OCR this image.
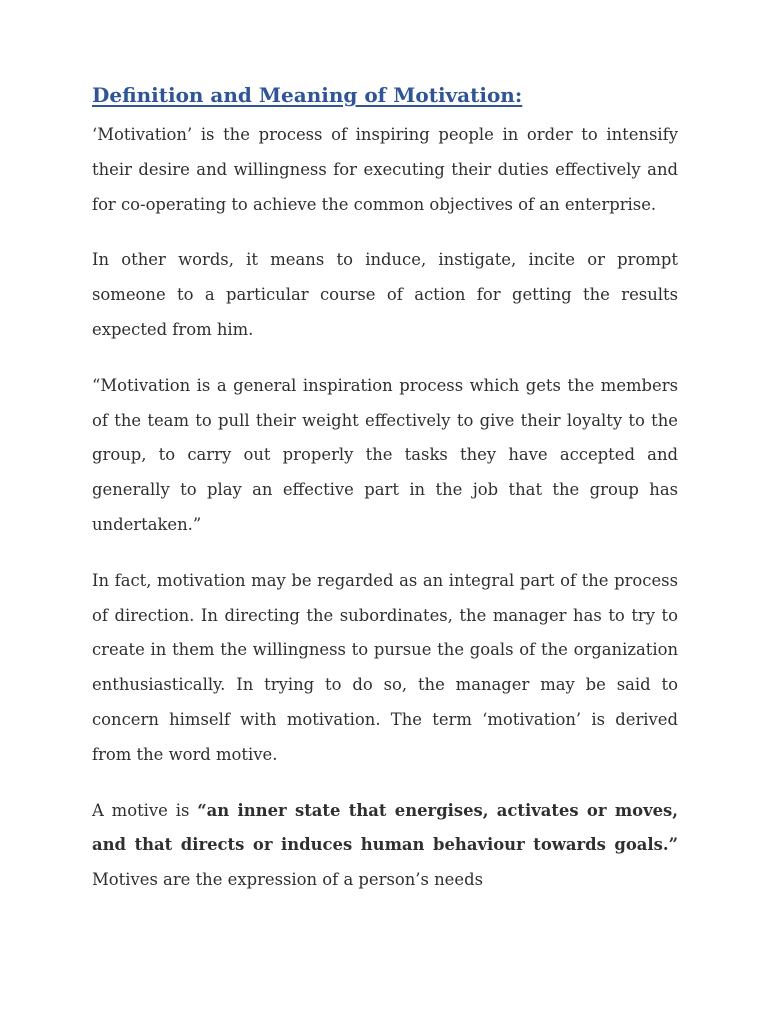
Definition and Meaning of Motivation:

‘Motivation’ is the process of inspiring people in order to intensify their desire and willingness for executing their duties effectively and for co-operating to achieve the common objectives of an enterprise.

In other words, it means to induce, instigate, incite or prompt someone to a particular course of action for getting the results expected from him.

“Motivation is a general inspiration process which gets the members of the team to pull their weight effectively to give their loyalty to the group, to carry out properly the tasks they have accepted and generally to play an effective part in the job that the group has undertaken.”

In fact, motivation may be regarded as an integral part of the process of direction. In directing the subordinates, the manager has to try to create in them the willingness to pursue the goals of the organization enthusiastically. In trying to do so, the manager may be said to concern himself with motivation. The term ‘motivation’ is derived from the word motive.

A motive is “an inner state that energises, activates or moves, and that directs or induces human behaviour towards goals.” Motives are the expression of a person’s needs
